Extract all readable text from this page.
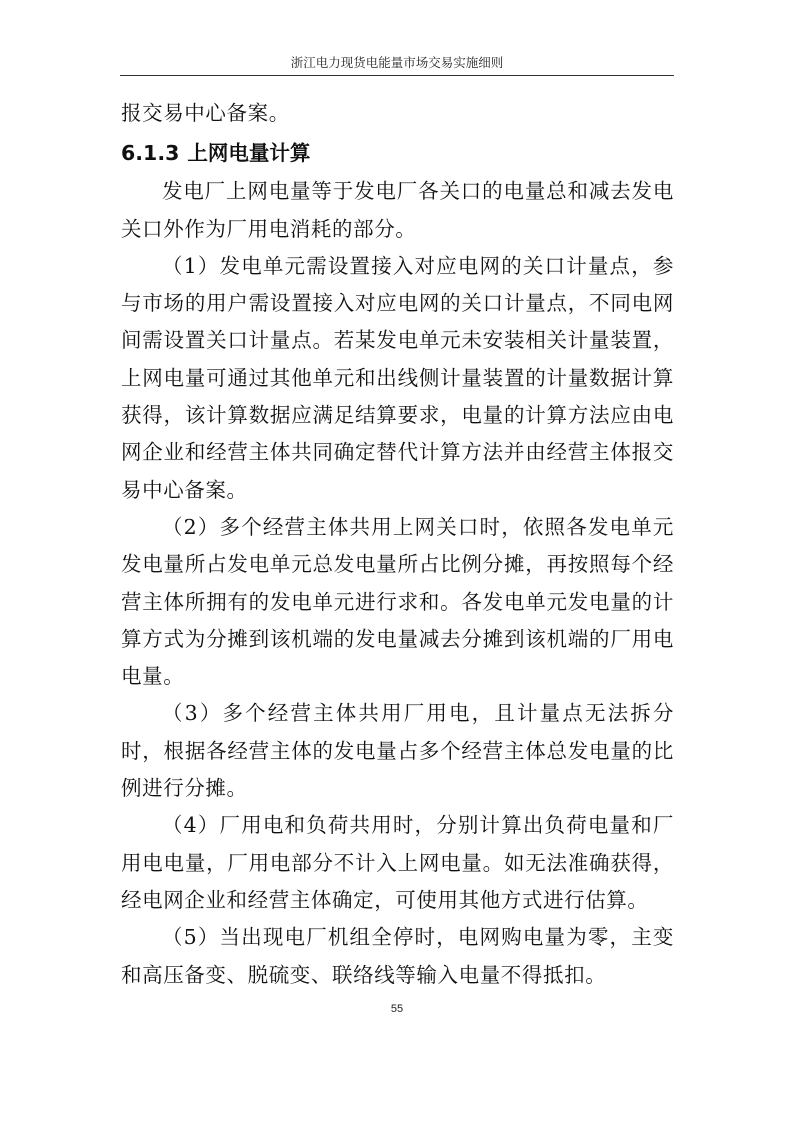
浙江电力现货电能量市场交易实施细则

报交易中心备案。

6.1.3 上网电量计算

发电厂上网电量等于发电厂各关口的电量总和减去发电关口外作为厂用电消耗的部分。

（1）发电单元需设置接入对应电网的关口计量点，参与市场的用户需设置接入对应电网的关口计量点，不同电网间需设置关口计量点。若某发电单元未安装相关计量装置，上网电量可通过其他单元和出线侧计量装置的计量数据计算获得，该计算数据应满足结算要求，电量的计算方法应由电网企业和经营主体共同确定替代计算方法并由经营主体报交易中心备案。

（2）多个经营主体共用上网关口时，依照各发电单元发电量所占发电单元总发电量所占比例分摊，再按照每个经营主体所拥有的发电单元进行求和。各发电单元发电量的计算方式为分摊到该机端的发电量减去分摊到该机端的厂用电电量。

（3）多个经营主体共用厂用电，且计量点无法拆分时，根据各经营主体的发电量占多个经营主体总发电量的比例进行分摊。

（4）厂用电和负荷共用时，分别计算出负荷电量和厂用电电量，厂用电部分不计入上网电量。如无法准确获得，经电网企业和经营主体确定，可使用其他方式进行估算。

（5）当出现电厂机组全停时，电网购电量为零，主变和高压备变、脱硫变、联络线等输入电量不得抵扣。

55
